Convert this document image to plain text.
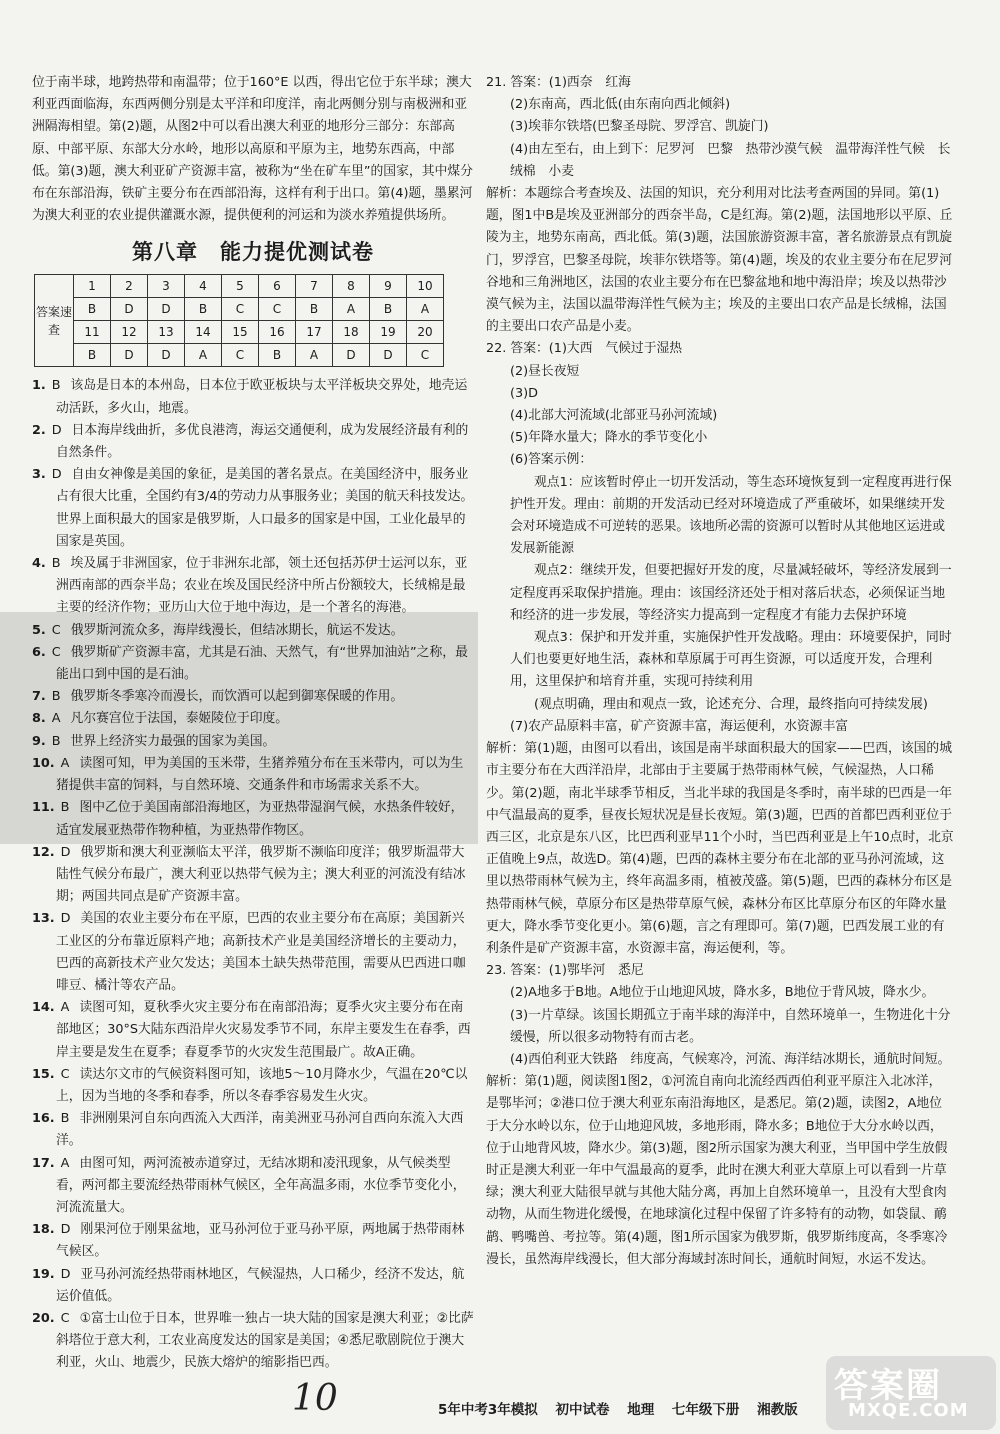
位于南半球，地跨热带和南温带；位于160°E 以西，得出它位于东半球；澳大利亚西面临海，东西两侧分别是太平洋和印度洋，南北两侧分别与南极洲和亚洲隔海相望。第(2)题，从图2中可以看出澳大利亚的地形分三部分：东部高原、中部平原、东部大分水岭，地形以高原和平原为主，地势东西高，中部低。第(3)题，澳大利亚矿产资源丰富，被称为“坐在矿车里”的国家，其中煤分布在东部沿海，铁矿主要分布在西部沿海，这样有利于出口。第(4)题，墨累河为澳大利亚的农业提供灌溉水源，提供便利的河运和为淡水养殖提供场所。

第八章　能力提优测试卷
答案速查	1	2	3	4	5	6	7	8	9	10
	B	D	D	B	C	C	B	A	B	A
	11	12	13	14	15	16	17	18	19	20
	B	D	D	A	C	B	A	D	D	C

1. B 该岛是日本的本州岛，日本位于欧亚板块与太平洋板块交界处，地壳运动活跃，多火山，地震。

2. D 日本海岸线曲折，多优良港湾，海运交通便利，成为发展经济最有利的自然条件。

3. D 自由女神像是美国的象征，是美国的著名景点。在美国经济中，服务业占有很大比重，全国约有3/4的劳动力从事服务业；美国的航天科技发达。世界上面积最大的国家是俄罗斯，人口最多的国家是中国，工业化最早的国家是英国。

4. B 埃及属于非洲国家，位于非洲东北部，领土还包括苏伊士运河以东，亚洲西南部的西奈半岛；农业在埃及国民经济中所占份额较大，长绒棉是最主要的经济作物；亚历山大位于地中海边，是一个著名的海港。

5. C 俄罗斯河流众多，海岸线漫长，但结冰期长，航运不发达。

6. C 俄罗斯矿产资源丰富，尤其是石油、天然气，有“世界加油站”之称，最能出口到中国的是石油。

7. B 俄罗斯冬季寒冷而漫长，而饮酒可以起到御寒保暖的作用。

8. A 凡尔赛宫位于法国，泰姬陵位于印度。

9. B 世界上经济实力最强的国家为美国。

10. A 读图可知，甲为美国的玉米带，生猪养殖分布在玉米带内，可以为生猪提供丰富的饲料，与自然环境、交通条件和市场需求关系不大。

11. B 图中乙位于美国南部沿海地区，为亚热带湿润气候，水热条件较好，适宜发展亚热带作物种植，为亚热带作物区。

12. D 俄罗斯和澳大利亚濒临太平洋，俄罗斯不濒临印度洋；俄罗斯温带大陆性气候分布最广，澳大利亚以热带气候为主；澳大利亚的河流没有结冰期；两国共同点是矿产资源丰富。

13. D 美国的农业主要分布在平原，巴西的农业主要分布在高原；美国新兴工业区的分布靠近原料产地；高新技术产业是美国经济增长的主要动力，巴西的高新技术产业欠发达；美国本土缺失热带范围，需要从巴西进口咖啡豆、橘汁等农产品。

14. A 读图可知，夏秋季火灾主要分布在南部沿海；夏季火灾主要分布在南部地区；30°S大陆东西沿岸火灾易发季节不同，东岸主要发生在春季，西岸主要是发生在夏季；春夏季节的火灾发生范围最广。故A正确。

15. C 读达尔文市的气候资料图可知，该地5～10月降水少，气温在20℃以上，因为当地的冬季和春季，所以冬春季容易发生火灾。

16. B 非洲刚果河自东向西流入大西洋，南美洲亚马孙河自西向东流入大西洋。

17. A 由图可知，两河流被赤道穿过，无结冰期和凌汛现象，从气候类型看，两河都主要流经热带雨林气候区，全年高温多雨，水位季节变化小，河流流量大。

18. D 刚果河位于刚果盆地，亚马孙河位于亚马孙平原，两地属于热带雨林气候区。

19. D 亚马孙河流经热带雨林地区，气候湿热，人口稀少，经济不发达，航运价值低。

20. C ①富士山位于日本，世界唯一独占一块大陆的国家是澳大利亚；②比萨斜塔位于意大利，工农业高度发达的国家是美国；④悉尼歌剧院位于澳大利亚，火山、地震少，民族大熔炉的缩影指巴西。

21. 答案：(1)西奈　红海

(2)东南高，西北低(由东南向西北倾斜)

(3)埃菲尔铁塔(巴黎圣母院、罗浮宫、凯旋门)

(4)由左至右，由上到下：尼罗河　巴黎　热带沙漠气候　温带海洋性气候　长绒棉　小麦

解析：本题综合考查埃及、法国的知识，充分利用对比法考查两国的异同。第(1)题，图1中B是埃及亚洲部分的西奈半岛，C是红海。第(2)题，法国地形以平原、丘陵为主，地势东南高，西北低。第(3)题，法国旅游资源丰富，著名旅游景点有凯旋门，罗浮宫，巴黎圣母院，埃菲尔铁塔等。第(4)题，埃及的农业主要分布在尼罗河谷地和三角洲地区，法国的农业主要分布在巴黎盆地和地中海沿岸；埃及以热带沙漠气候为主，法国以温带海洋性气候为主；埃及的主要出口农产品是长绒棉，法国的主要出口农产品是小麦。

22. 答案：(1)大西　气候过于湿热

(2)昼长夜短

(3)D

(4)北部大河流域(北部亚马孙河流域)

(5)年降水量大；降水的季节变化小

(6)答案示例：

观点1：应该暂时停止一切开发活动，等生态环境恢复到一定程度再进行保护性开发。理由：前期的开发活动已经对环境造成了严重破坏，如果继续开发会对环境造成不可逆转的恶果。该地所必需的资源可以暂时从其他地区运进或发展新能源

观点2：继续开发，但要把握好开发的度，尽量减轻破坏，等经济发展到一定程度再采取保护措施。理由：该国经济还处于相对落后状态，必须保证当地和经济的进一步发展，等经济实力提高到一定程度才有能力去保护环境

观点3：保护和开发并重，实施保护性开发战略。理由：环境要保护，同时人们也要更好地生活，森林和草原属于可再生资源，可以适度开发，合理利用，这里保护和培育并重，实现可持续利用

(观点明确，理由和观点一致，论述充分、合理，最终指向可持续发展)

(7)农产品原料丰富，矿产资源丰富，海运便利，水资源丰富

解析：第(1)题，由图可以看出，该国是南半球面积最大的国家——巴西，该国的城市主要分布在大西洋沿岸，北部由于主要属于热带雨林气候，气候湿热，人口稀少。第(2)题，南北半球季节相反，当北半球的我国是冬季时，南半球的巴西是一年中气温最高的夏季，昼夜长短状况是昼长夜短。第(3)题，巴西的首都巴西利亚位于西三区，北京是东八区，比巴西利亚早11个小时，当巴西利亚是上午10点时，北京正值晚上9点，故选D。第(4)题，巴西的森林主要分布在北部的亚马孙河流域，这里以热带雨林气候为主，终年高温多雨，植被茂盛。第(5)题，巴西的森林分布区是热带雨林气候，草原分布区是热带草原气候，森林分布区比草原分布区的年降水量更大，降水季节变化更小。第(6)题，言之有理即可。第(7)题，巴西发展工业的有利条件是矿产资源丰富，水资源丰富，海运便利，等。

23. 答案：(1)鄂毕河　悉尼

(2)A地多于B地。A地位于山地迎风坡，降水多，B地位于背风坡，降水少。

(3)一片草绿。该国长期孤立于南半球的海洋中，自然环境单一，生物进化十分缓慢，所以很多动物特有而古老。

(4)西伯利亚大铁路　纬度高，气候寒冷，河流、海洋结冰期长，通航时间短。

解析：第(1)题，阅读图1图2，①河流自南向北流经西西伯利亚平原注入北冰洋，是鄂毕河；②港口位于澳大利亚东南沿海地区，是悉尼。第(2)题，读图2，A地位于大分水岭以东，位于山地迎风坡，多地形雨，降水多；B地位于大分水岭以西，位于山地背风坡，降水少。第(3)题，图2所示国家为澳大利亚，当甲国中学生放假时正是澳大利亚一年中气温最高的夏季，此时在澳大利亚大草原上可以看到一片草绿；澳大利亚大陆很早就与其他大陆分离，再加上自然环境单一，且没有大型食肉动物，从而生物进化缓慢，在地球演化过程中保留了许多特有的动物，如袋鼠、鸸鹋、鸭嘴兽、考拉等。第(4)题，图1所示国家为俄罗斯，俄罗斯纬度高，冬季寒冷漫长，虽然海岸线漫长，但大部分海域封冻时间长，通航时间短，水运不发达。

10	5年中考3年模拟 初中试卷 地理 七年级下册 湘教版
答案圈
MXQE.COM
